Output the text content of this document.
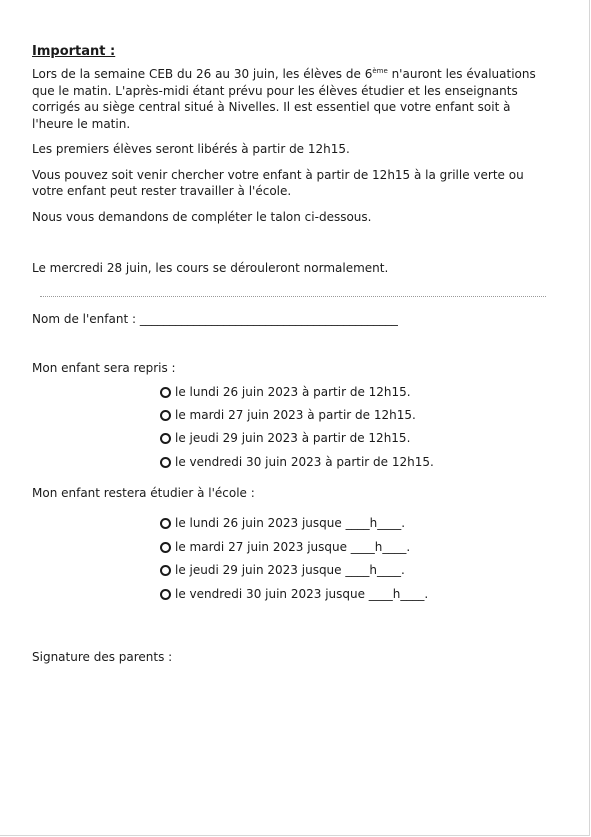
Important :

Lors de la semaine CEB du 26 au 30 juin, les élèves de 6ème n'auront les évaluations que le matin. L'après-midi étant prévu pour les élèves étudier et les enseignants corrigés au siège central situé à Nivelles. Il est essentiel que votre enfant soit à l'heure le matin.

Les premiers élèves seront libérés à partir de 12h15.

Vous pouvez soit venir chercher votre enfant à partir de 12h15 à la grille verte ou votre enfant peut rester travailler à l'école.

Nous vous demandons de compléter le talon ci-dessous.

Le mercredi 28 juin, les cours se dérouleront normalement.
Nom de l'enfant : ___________________________________________
Mon enfant sera repris :
le lundi 26 juin 2023 à partir de 12h15.
le mardi 27 juin 2023 à partir de 12h15.
le jeudi 29 juin 2023 à partir de 12h15.
le vendredi 30 juin 2023 à partir de 12h15.
Mon enfant restera étudier à l'école :
le lundi 26 juin 2023 jusque ____h____.
le mardi 27 juin 2023 jusque ____h____.
le jeudi 29 juin 2023 jusque ____h____.
le vendredi 30 juin 2023 jusque ____h____.
Signature des parents :
